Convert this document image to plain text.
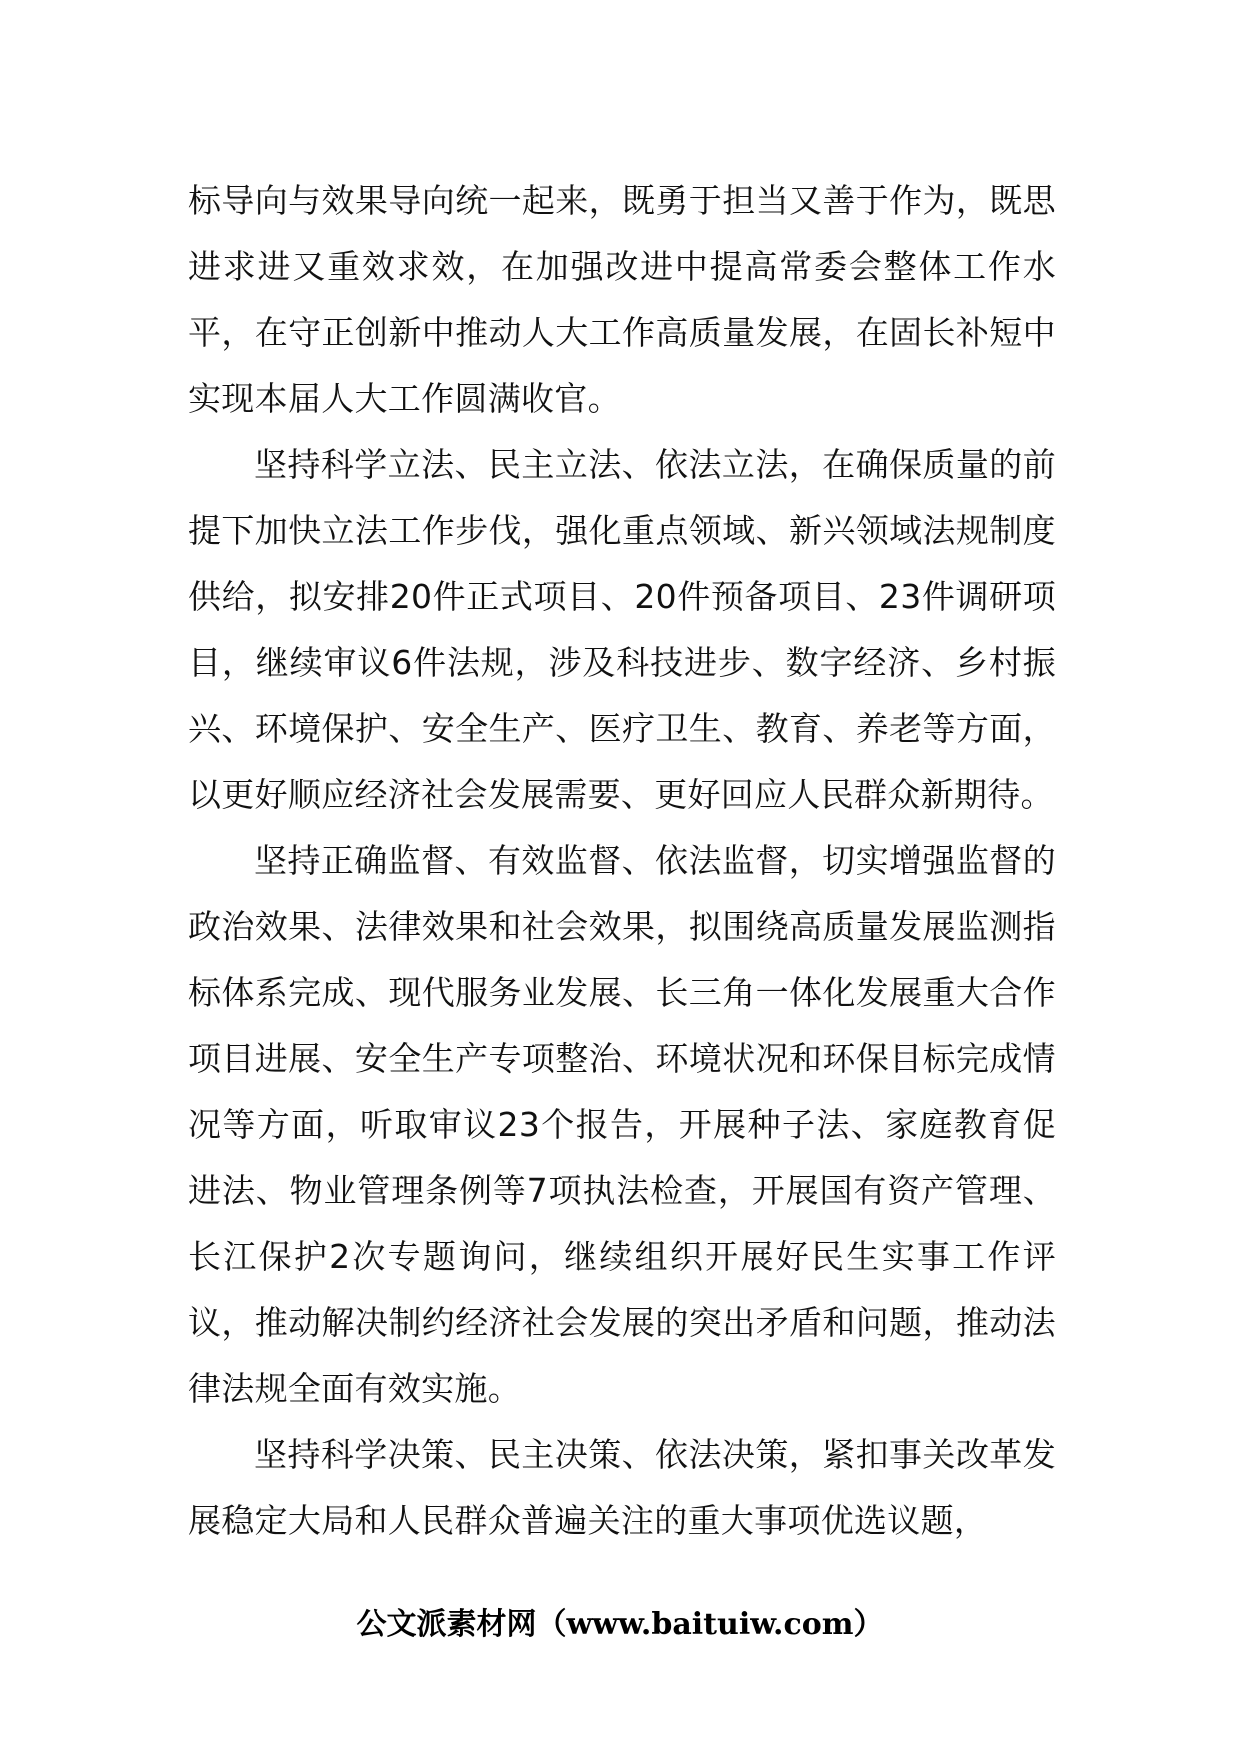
标导向与效果导向统一起来，既勇于担当又善于作为，既思进求进又重效求效，在加强改进中提高常委会整体工作水平，在守正创新中推动人大工作高质量发展，在固长补短中实现本届人大工作圆满收官。

坚持科学立法、民主立法、依法立法，在确保质量的前提下加快立法工作步伐，强化重点领域、新兴领域法规制度供给，拟安排20件正式项目、20件预备项目、23件调研项目，继续审议6件法规，涉及科技进步、数字经济、乡村振兴、环境保护、安全生产、医疗卫生、教育、养老等方面，以更好顺应经济社会发展需要、更好回应人民群众新期待。

坚持正确监督、有效监督、依法监督，切实增强监督的政治效果、法律效果和社会效果，拟围绕高质量发展监测指标体系完成、现代服务业发展、长三角一体化发展重大合作项目进展、安全生产专项整治、环境状况和环保目标完成情况等方面，听取审议23个报告，开展种子法、家庭教育促进法、物业管理条例等7项执法检查，开展国有资产管理、长江保护2次专题询问，继续组织开展好民生实事工作评议，推动解决制约经济社会发展的突出矛盾和问题，推动法律法规全面有效实施。

坚持科学决策、民主决策、依法决策，紧扣事关改革发展稳定大局和人民群众普遍关注的重大事项优选议题，

公文派素材网（www.baituiw.com）
